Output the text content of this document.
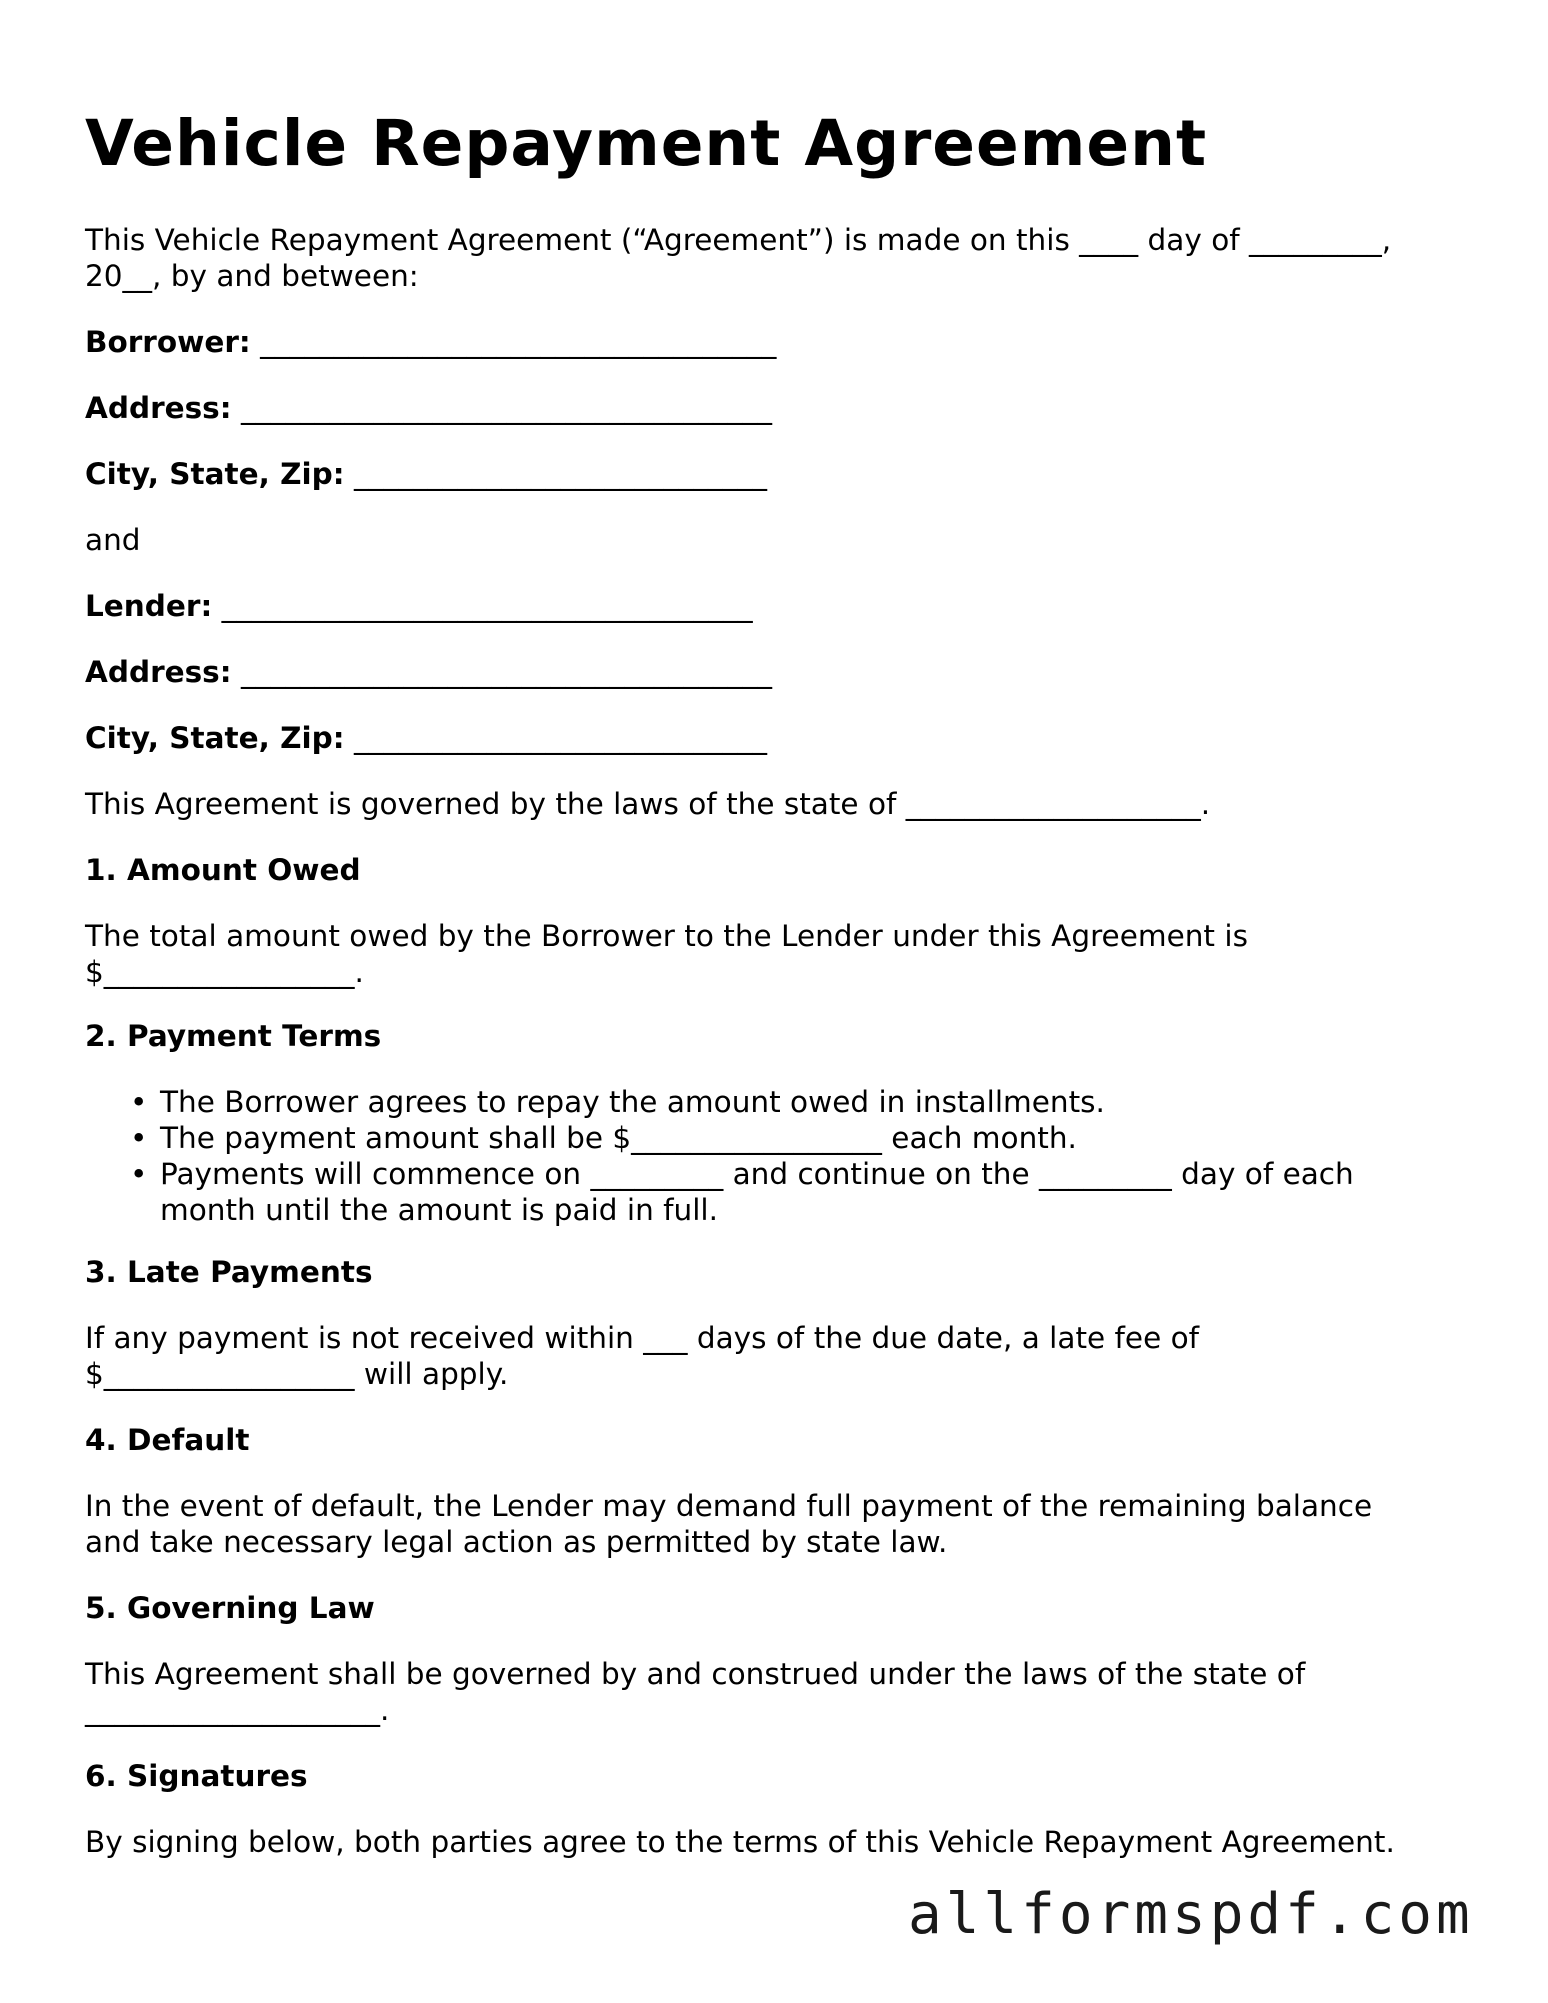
Vehicle Repayment Agreement

This Vehicle Repayment Agreement (“Agreement”) is made on this ____ day of _________,

20__, by and between:

Borrower: ___________________________________

Address: ____________________________________

City, State, Zip: ____________________________

and

Lender: ____________________________________

Address: ____________________________________

City, State, Zip: ____________________________

This Agreement is governed by the laws of the state of ____________________.

1. Amount Owed

The total amount owed by the Borrower to the Lender under this Agreement is

$_________________.

2. Payment Terms

• The Borrower agrees to repay the amount owed in installments.
• The payment amount shall be $_________________ each month.
• Payments will commence on _________ and continue on the _________ day of each
month until the amount is paid in full.

3. Late Payments

If any payment is not received within ___ days of the due date, a late fee of

$_________________ will apply.

4. Default

In the event of default, the Lender may demand full payment of the remaining balance

and take necessary legal action as permitted by state law.

5. Governing Law

This Agreement shall be governed by and construed under the laws of the state of

____________________.

6. Signatures

By signing below, both parties agree to the terms of this Vehicle Repayment Agreement.

allformspdf.com
